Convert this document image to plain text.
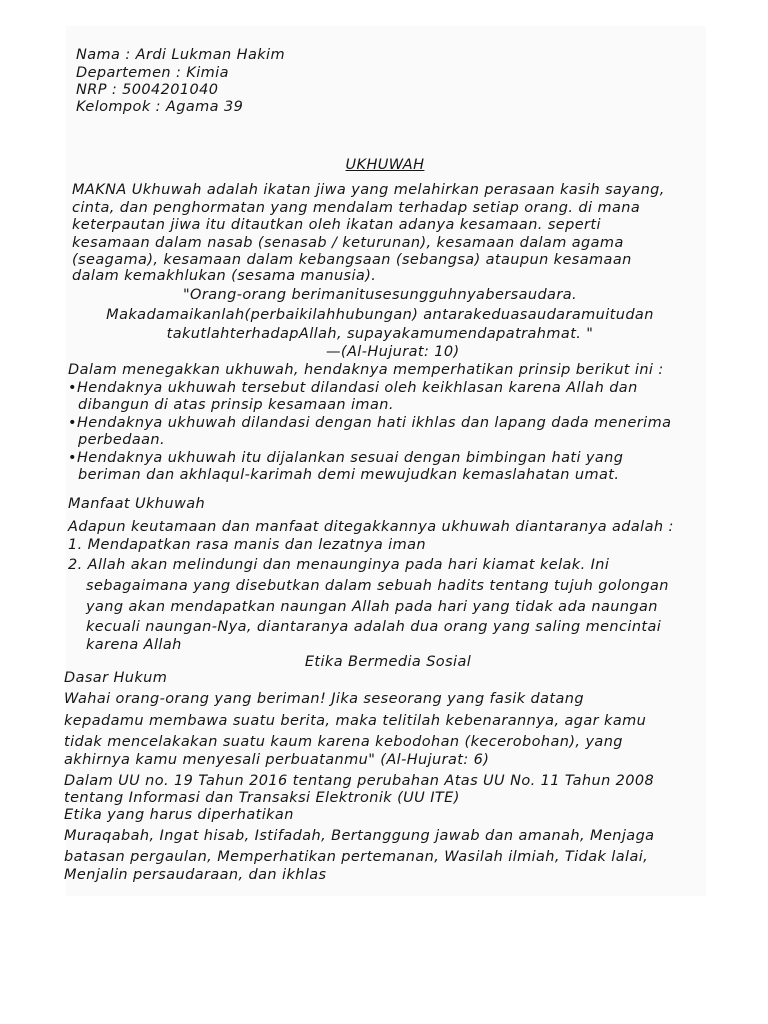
Nama : Ardi Lukman Hakim

Departemen : Kimia

NRP : 5004201040

Kelompok : Agama 39

UKHUWAH

MAKNA Ukhuwah adalah ikatan jiwa yang melahirkan perasaan kasih sayang,

cinta, dan penghormatan yang mendalam terhadap setiap orang. di mana

keterpautan jiwa itu ditautkan oleh ikatan adanya kesamaan. seperti

kesamaan dalam nasab (senasab / keturunan), kesamaan dalam agama

(seagama), kesamaan dalam kebangsaan (sebangsa) ataupun kesamaan

dalam kemakhlukan (sesama manusia).

"Orang-orang berimanitusesungguhnyabersaudara.

Makadamaikanlah(perbaikilahhubungan) antarakeduasaudaramuitudan

takutlahterhadapAllah, supayakamumendapatrahmat. "

—(Al-Hujurat: 10)

Dalam menegakkan ukhuwah, hendaknya memperhatikan prinsip berikut ini :

•Hendaknya ukhuwah tersebut dilandasi oleh keikhlasan karena Allah dan

dibangun di atas prinsip kesamaan iman.

•Hendaknya ukhuwah dilandasi dengan hati ikhlas dan lapang dada menerima

perbedaan.

•Hendaknya ukhuwah itu dijalankan sesuai dengan bimbingan hati yang

beriman dan akhlaqul-karimah demi mewujudkan kemaslahatan umat.

Manfaat Ukhuwah

Adapun keutamaan dan manfaat ditegakkannya ukhuwah diantaranya adalah :

1. Mendapatkan rasa manis dan lezatnya iman

2. Allah akan melindungi dan menaunginya pada hari kiamat kelak. Ini

sebagaimana yang disebutkan dalam sebuah hadits tentang tujuh golongan

yang akan mendapatkan naungan Allah pada hari yang tidak ada naungan

kecuali naungan-Nya, diantaranya adalah dua orang yang saling mencintai

karena Allah

Etika Bermedia Sosial

Dasar Hukum

Wahai orang-orang yang beriman! Jika seseorang yang fasik datang

kepadamu membawa suatu berita, maka telitilah kebenarannya, agar kamu

tidak mencelakakan suatu kaum karena kebodohan (kecerobohan), yang

akhirnya kamu menyesali perbuatanmu" (Al-Hujurat: 6)

Dalam UU no. 19 Tahun 2016 tentang perubahan Atas UU No. 11 Tahun 2008

tentang Informasi dan Transaksi Elektronik (UU ITE)

Etika yang harus diperhatikan

Muraqabah, Ingat hisab, Istifadah, Bertanggung jawab dan amanah, Menjaga

batasan pergaulan, Memperhatikan pertemanan, Wasilah ilmiah, Tidak lalai,

Menjalin persaudaraan, dan ikhlas
